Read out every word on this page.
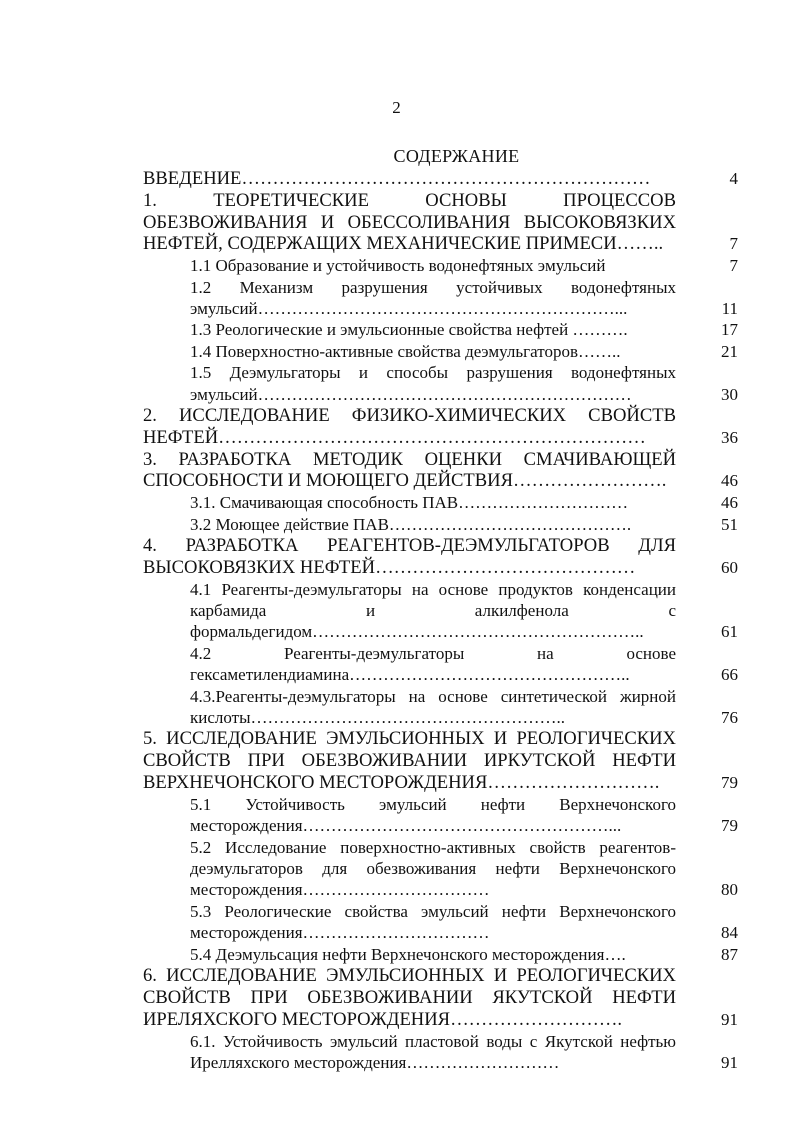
2
СОДЕРЖАНИЕ
ВВЕДЕНИЕ…………………………………………………………	4
1. ТЕОРЕТИЧЕСКИЕ ОСНОВЫ ПРОЦЕССОВ ОБЕЗВОЖИВАНИЯ И ОБЕССОЛИВАНИЯ ВЫСОКОВЯЗКИХ НЕФТЕЙ, СОДЕРЖАЩИХ МЕХАНИЧЕСКИЕ ПРИМЕСИ……..	7
1.1 Образование и устойчивость водонефтяных эмульсий	7
1.2 Механизм разрушения устойчивых водонефтяных эмульсий………………………………………………………...	11
1.3 Реологические и эмульсионные свойства нефтей ……….	17
1.4 Поверхностно-активные свойства деэмульгаторов……..	21
1.5 Деэмульгаторы и способы разрушения водонефтяных эмульсий…………………………………………………………	30
2. ИССЛЕДОВАНИЕ ФИЗИКО-ХИМИЧЕСКИХ СВОЙСТВ НЕФТЕЙ……………………………………………………………	36
3. РАЗРАБОТКА МЕТОДИК ОЦЕНКИ СМАЧИВАЮЩЕЙ СПОСОБНОСТИ И МОЮЩЕГО ДЕЙСТВИЯ…………………….	46
3.1. Смачивающая способность ПАВ…………………………	46
3.2 Моющее действие ПАВ…………………………………….	51
4. РАЗРАБОТКА РЕАГЕНТОВ-ДЕЭМУЛЬГАТОРОВ ДЛЯ ВЫСОКОВЯЗКИХ НЕФТЕЙ……………………………………	60
4.1 Реагенты-деэмульгаторы на основе продуктов конденсации карбамида и алкилфенола с формальдегидом…………………………………………………..	61
4.2 Реагенты-деэмульгаторы на основе гексаметилендиамина…………………………………………..	66
4.3.Реагенты-деэмульгаторы на основе синтетической жирной кислоты………………………………………………..	76
5. ИССЛЕДОВАНИЕ ЭМУЛЬСИОННЫХ И РЕОЛОГИЧЕСКИХ СВОЙСТВ ПРИ ОБЕЗВОЖИВАНИИ ИРКУТСКОЙ НЕФТИ ВЕРХНЕЧОНСКОГО МЕСТОРОЖДЕНИЯ……………………….	79
5.1 Устойчивость эмульсий нефти Верхнечонского месторождения………………………………………………...	79
5.2 Исследование поверхностно-активных свойств реагентов-деэмульгаторов для обезвоживания нефти Верхнечонского месторождения……………………………	80
5.3 Реологические свойства эмульсий нефти Верхнечонского месторождения……………………………	84
5.4 Деэмульсация нефти Верхнечонского месторождения….	87
6. ИССЛЕДОВАНИЕ ЭМУЛЬСИОННЫХ И РЕОЛОГИЧЕСКИХ СВОЙСТВ ПРИ ОБЕЗВОЖИВАНИИ ЯКУТСКОЙ НЕФТИ ИРЕЛЯХСКОГО МЕСТОРОЖДЕНИЯ……………………….	91
6.1. Устойчивость эмульсий пластовой воды с Якутской нефтью Ирелляхского месторождения………………………	91
